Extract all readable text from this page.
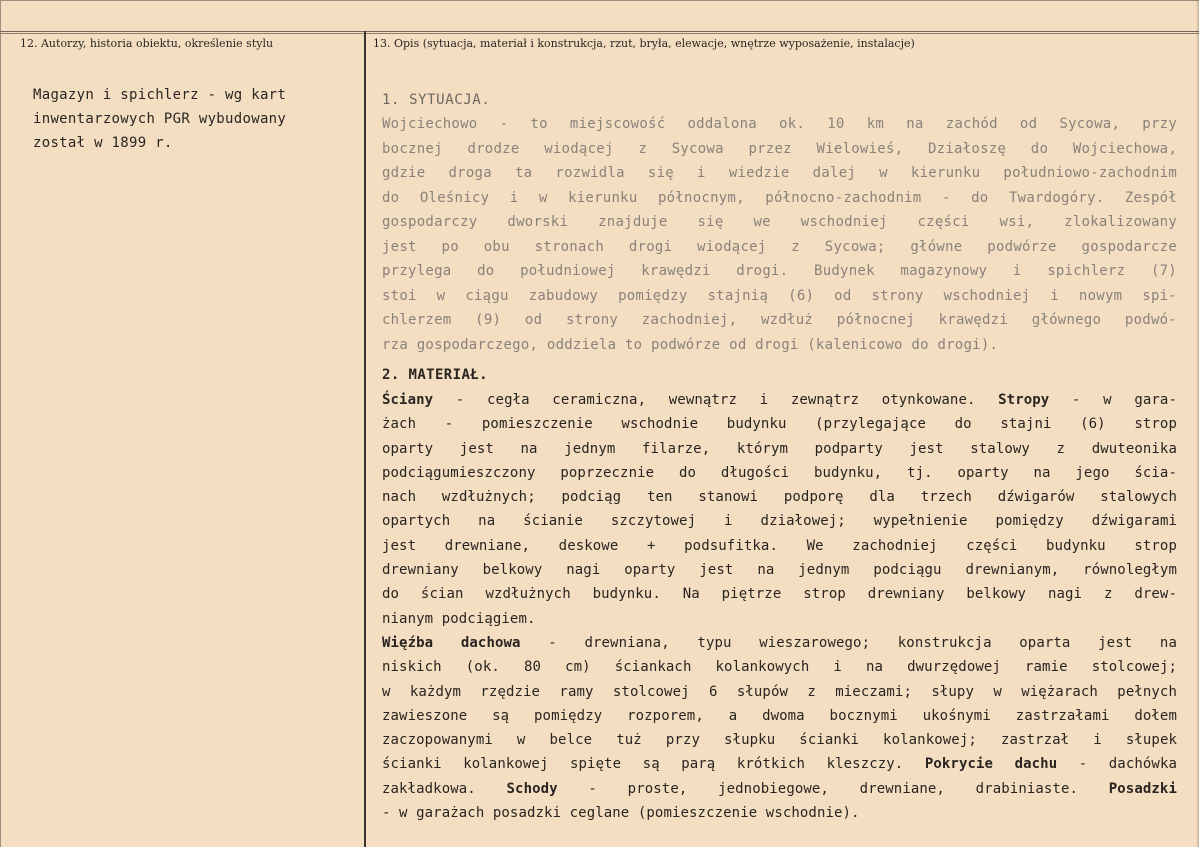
12. Autorzy, historia obiektu, określenie stylu	13. Opis (sytuacja, materiał i konstrukcja, rzut, bryła, elewacje, wnętrze wyposażenie, instalacje)
Magazyn i spichlerz - wg kart
inwentarzowych PGR wybudowany
został w 1899 r.
1. SYTUACJA.
Wojciechowo - to miejscowość oddalona ok. 10 km na zachód od Sycowa, przy
bocznej drodze wiodącej z Sycowa przez Wielowieś, Działoszę do Wojciechowa,
gdzie droga ta rozwidla się i wiedzie dalej w kierunku południowo-zachodnim
do Oleśnicy i w kierunku północnym, północno-zachodnim - do Twardogóry. Zespół
gospodarczy dworski znajduje się we wschodniej części wsi, zlokalizowany
jest po obu stronach drogi wiodącej z Sycowa; główne podwórze gospodarcze
przylega do południowej krawędzi drogi. Budynek magazynowy i spichlerz (7)
stoi w ciągu zabudowy pomiędzy stajnią (6) od strony wschodniej i nowym spi-
chlerzem (9) od strony zachodniej, wzdłuż północnej krawędzi głównego podwó-
rza gospodarczego, oddziela to podwórze od drogi (kalenicowo do drogi).
2. MATERIAŁ.
Ściany - cegła ceramiczna, wewnątrz i zewnątrz otynkowane. Stropy - w gara-
żach - pomieszczenie wschodnie budynku (przylegające do stajni (6) strop
oparty jest na jednym filarze, którym podparty jest stalowy z dwuteonika
podciągumieszczony poprzecznie do długości budynku, tj. oparty na jego ścia-
nach wzdłużnych; podciąg ten stanowi podporę dla trzech dźwigarów stalowych
opartych na ścianie szczytowej i działowej; wypełnienie pomiędzy dźwigarami
jest drewniane, deskowe + podsufitka. We zachodniej części budynku strop
drewniany belkowy nagi oparty jest na jednym podciągu drewnianym, równoległym
do ścian wzdłużnych budynku. Na piętrze strop drewniany belkowy nagi z drew-
nianym podciągiem.
Więźba dachowa - drewniana, typu wieszarowego; konstrukcja oparta jest na
niskich (ok. 80 cm) ściankach kolankowych i na dwurzędowej ramie stolcowej;
w każdym rzędzie ramy stolcowej 6 słupów z mieczami; słupy w więżarach pełnych
zawieszone są pomiędzy rozporem, a dwoma bocznymi ukośnymi zastrzałami dołem
zaczopowanymi w belce tuż przy słupku ścianki kolankowej; zastrzał i słupek
ścianki kolankowej spięte są parą krótkich kleszczy. Pokrycie dachu - dachówka
zakładkowa. Schody - proste, jednobiegowe, drewniane, drabiniaste. Posadzki
- w garażach posadzki ceglane (pomieszczenie wschodnie).
